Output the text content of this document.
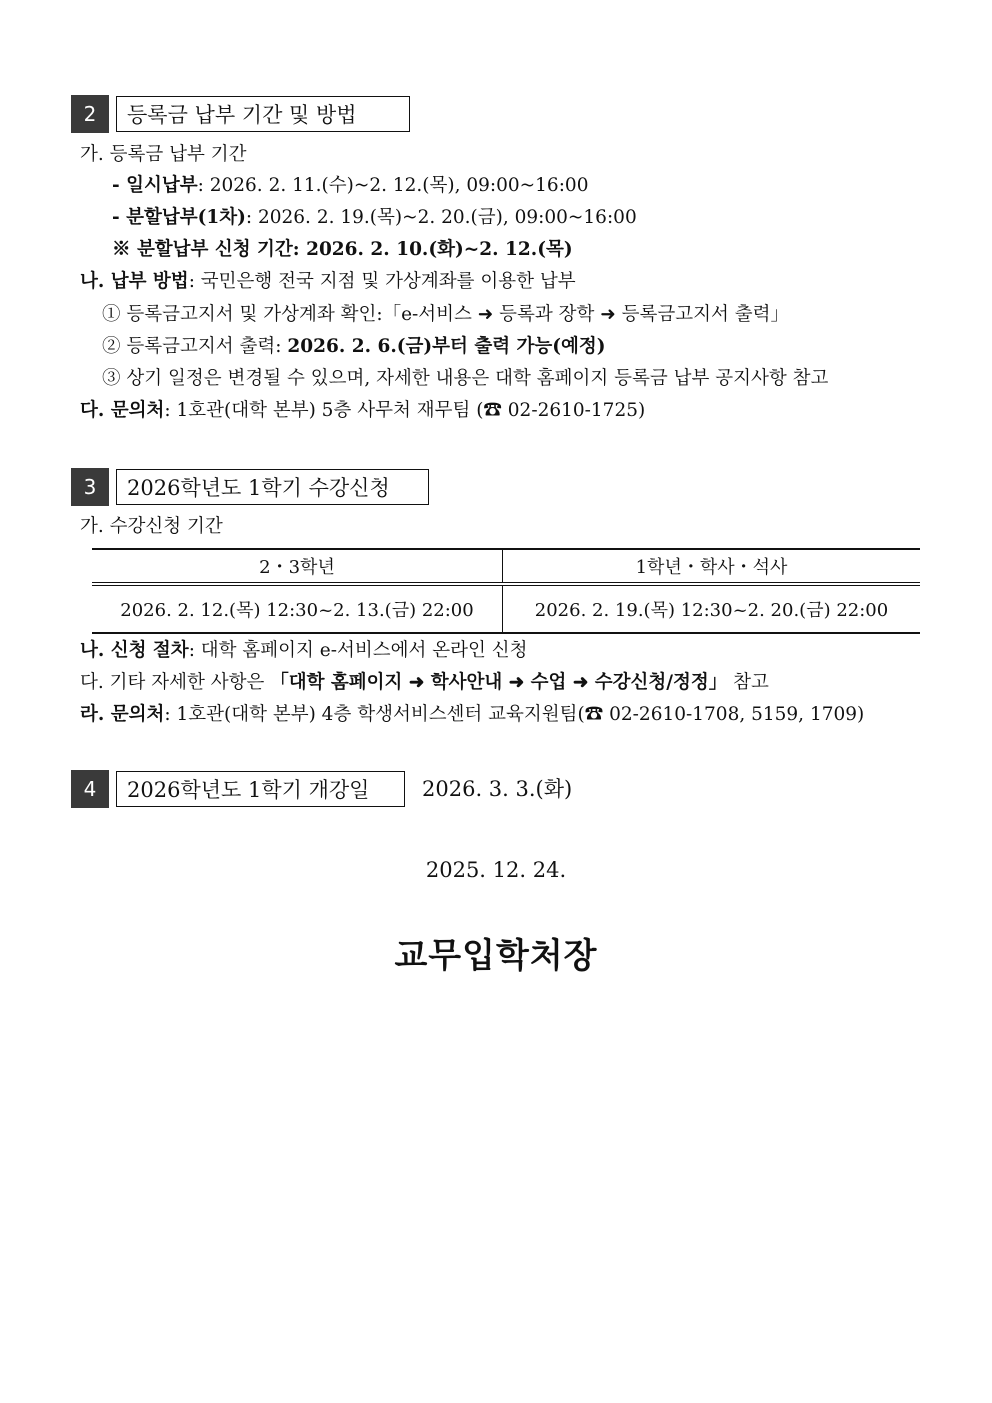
2	등록금 납부 기간 및 방법
가. 등록금 납부 기간
- 일시납부: 2026. 2. 11.(수)~2. 12.(목), 09:00~16:00
- 분할납부(1차): 2026. 2. 19.(목)~2. 20.(금), 09:00~16:00
※ 분할납부 신청 기간: 2026. 2. 10.(화)~2. 12.(목)
나. 납부 방법: 국민은행 전국 지점 및 가상계좌를 이용한 납부
① 등록금고지서 및 가상계좌 확인:「e-서비스 ➜ 등록과 장학 ➜ 등록금고지서 출력」
② 등록금고지서 출력: 2026. 2. 6.(금)부터 출력 가능(예정)
③ 상기 일정은 변경될 수 있으며, 자세한 내용은 대학 홈페이지 등록금 납부 공지사항 참고
다. 문의처: 1호관(대학 본부) 5층 사무처 재무팀 (☎ 02-2610-1725)
3	2026학년도 1학기 수강신청
가. 수강신청 기간
2・3학년	1학년・학사・석사
2026. 2. 12.(목) 12:30~2. 13.(금) 22:00	2026. 2. 19.(목) 12:30~2. 20.(금) 22:00
나. 신청 절차: 대학 홈페이지 e-서비스에서 온라인 신청
다. 기타 자세한 사항은 「대학 홈페이지 ➜ 학사안내 ➜ 수업 ➜ 수강신청/정정」 참고
라. 문의처: 1호관(대학 본부) 4층 학생서비스센터 교육지원팀(☎ 02-2610-1708, 5159, 1709)
4	2026학년도 1학기 개강일	2026. 3. 3.(화)
2025. 12. 24.
교무입학처장
